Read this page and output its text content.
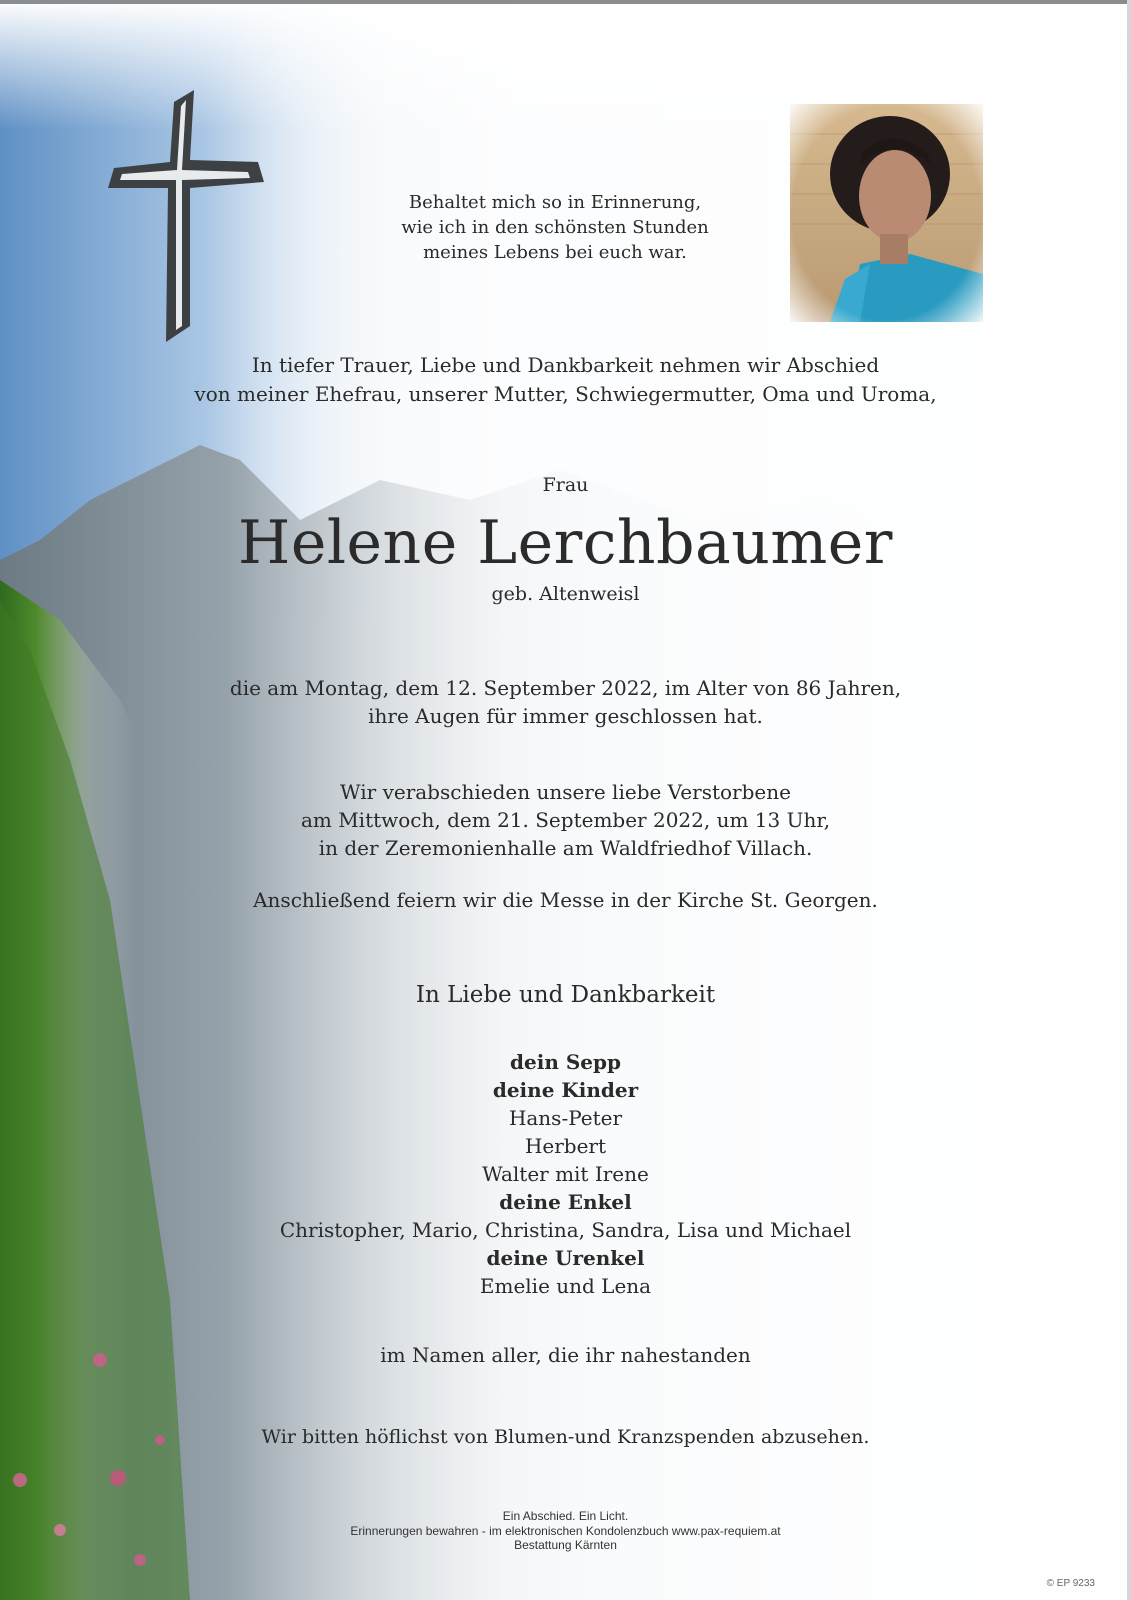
Behaltet mich so in Erinnerung,
wie ich in den schönsten Stunden
meines Lebens bei euch war.
In tiefer Trauer, Liebe und Dankbarkeit nehmen wir Abschied
von meiner Ehefrau, unserer Mutter, Schwiegermutter, Oma und Uroma,
Frau
Helene Lerchbaumer
geb. Altenweisl
die am Montag, dem 12. September 2022, im Alter von 86 Jahren,
ihre Augen für immer geschlossen hat.
Wir verabschieden unsere liebe Verstorbene
am Mittwoch, dem 21. September 2022, um 13 Uhr,
in der Zeremonienhalle am Waldfriedhof Villach.
Anschließend feiern wir die Messe in der Kirche St. Georgen.
In Liebe und Dankbarkeit
dein Sepp
deine Kinder
Hans-Peter
Herbert
Walter mit Irene
deine Enkel
Christopher, Mario, Christina, Sandra, Lisa und Michael
deine Urenkel
Emelie und Lena
im Namen aller, die ihr nahestanden
Wir bitten höflichst von Blumen-und Kranzspenden abzusehen.
Ein Abschied. Ein Licht.
Erinnerungen bewahren - im elektronischen Kondolenzbuch www.pax-requiem.at
Bestattung Kärnten
© EP 9233
